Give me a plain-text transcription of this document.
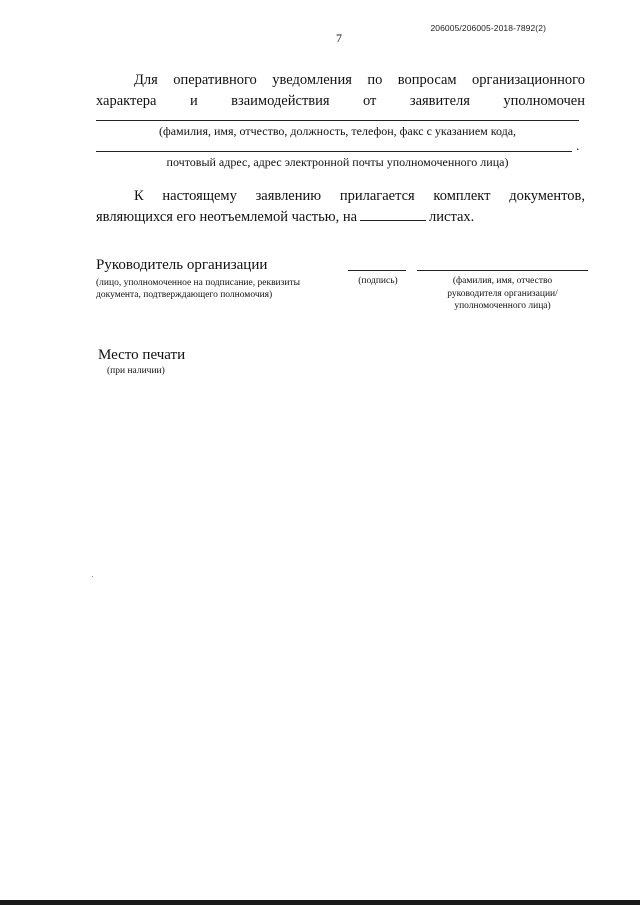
206005/206005-2018-7892(2)
7
Для оперативного уведомления по вопросам организационного
характера и взаимодействия от заявителя уполномочен
(фамилия, имя, отчество, должность, телефон, факс с указанием кода,
.
почтовый адрес, адрес электронной почты уполномоченного лица)
К настоящему заявлению прилагается комплект документов,
являющихся его неотъемлемой частью, на	листах.
Руководитель организации
(лицо, уполномоченное на подписание, реквизиты документа, подтверждающего полномочия)
(подпись)	(фамилия, имя, отчество
руководителя организации/
уполномоченного лица)
Место печати
(при наличии)
